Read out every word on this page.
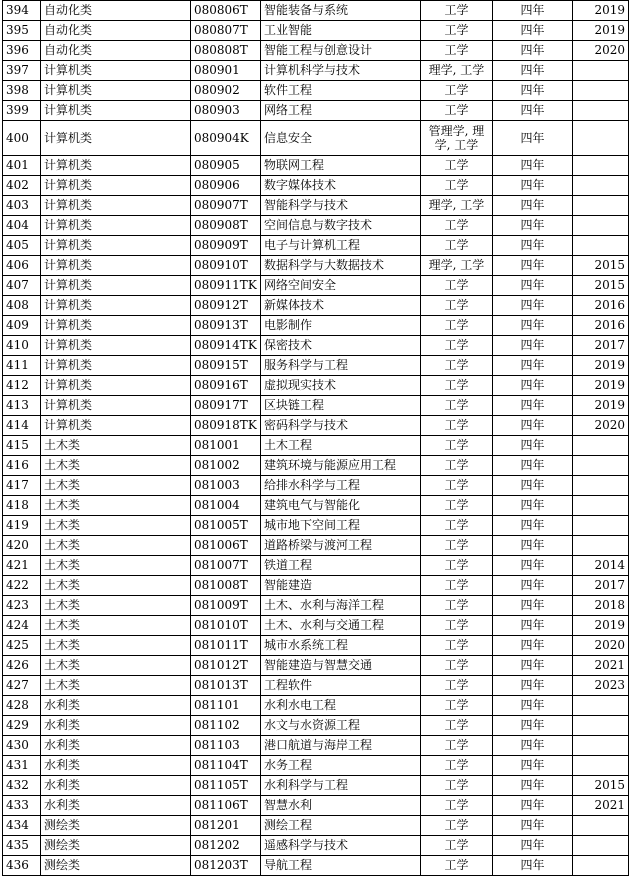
394	自动化类	080806T	智能装备与系统	工学	四年	2019
395	自动化类	080807T	工业智能	工学	四年	2019
396	自动化类	080808T	智能工程与创意设计	工学	四年	2020
397	计算机类	080901	计算机科学与技术	理学, 工学	四年	
398	计算机类	080902	软件工程	工学	四年	
399	计算机类	080903	网络工程	工学	四年	
400	计算机类	080904K	信息安全	管理学, 理学, 工学	四年	
401	计算机类	080905	物联网工程	工学	四年	
402	计算机类	080906	数字媒体技术	工学	四年	
403	计算机类	080907T	智能科学与技术	理学, 工学	四年	
404	计算机类	080908T	空间信息与数字技术	工学	四年	
405	计算机类	080909T	电子与计算机工程	工学	四年	
406	计算机类	080910T	数据科学与大数据技术	理学, 工学	四年	2015
407	计算机类	080911TK	网络空间安全	工学	四年	2015
408	计算机类	080912T	新媒体技术	工学	四年	2016
409	计算机类	080913T	电影制作	工学	四年	2016
410	计算机类	080914TK	保密技术	工学	四年	2017
411	计算机类	080915T	服务科学与工程	工学	四年	2019
412	计算机类	080916T	虚拟现实技术	工学	四年	2019
413	计算机类	080917T	区块链工程	工学	四年	2019
414	计算机类	080918TK	密码科学与技术	工学	四年	2020
415	土木类	081001	土木工程	工学	四年	
416	土木类	081002	建筑环境与能源应用工程	工学	四年	
417	土木类	081003	给排水科学与工程	工学	四年	
418	土木类	081004	建筑电气与智能化	工学	四年	
419	土木类	081005T	城市地下空间工程	工学	四年	
420	土木类	081006T	道路桥梁与渡河工程	工学	四年	
421	土木类	081007T	铁道工程	工学	四年	2014
422	土木类	081008T	智能建造	工学	四年	2017
423	土木类	081009T	土木、水利与海洋工程	工学	四年	2018
424	土木类	081010T	土木、水利与交通工程	工学	四年	2019
425	土木类	081011T	城市水系统工程	工学	四年	2020
426	土木类	081012T	智能建造与智慧交通	工学	四年	2021
427	土木类	081013T	工程软件	工学	四年	2023
428	水利类	081101	水利水电工程	工学	四年	
429	水利类	081102	水文与水资源工程	工学	四年	
430	水利类	081103	港口航道与海岸工程	工学	四年	
431	水利类	081104T	水务工程	工学	四年	
432	水利类	081105T	水利科学与工程	工学	四年	2015
433	水利类	081106T	智慧水利	工学	四年	2021
434	测绘类	081201	测绘工程	工学	四年	
435	测绘类	081202	遥感科学与技术	工学	四年	
436	测绘类	081203T	导航工程	工学	四年	
